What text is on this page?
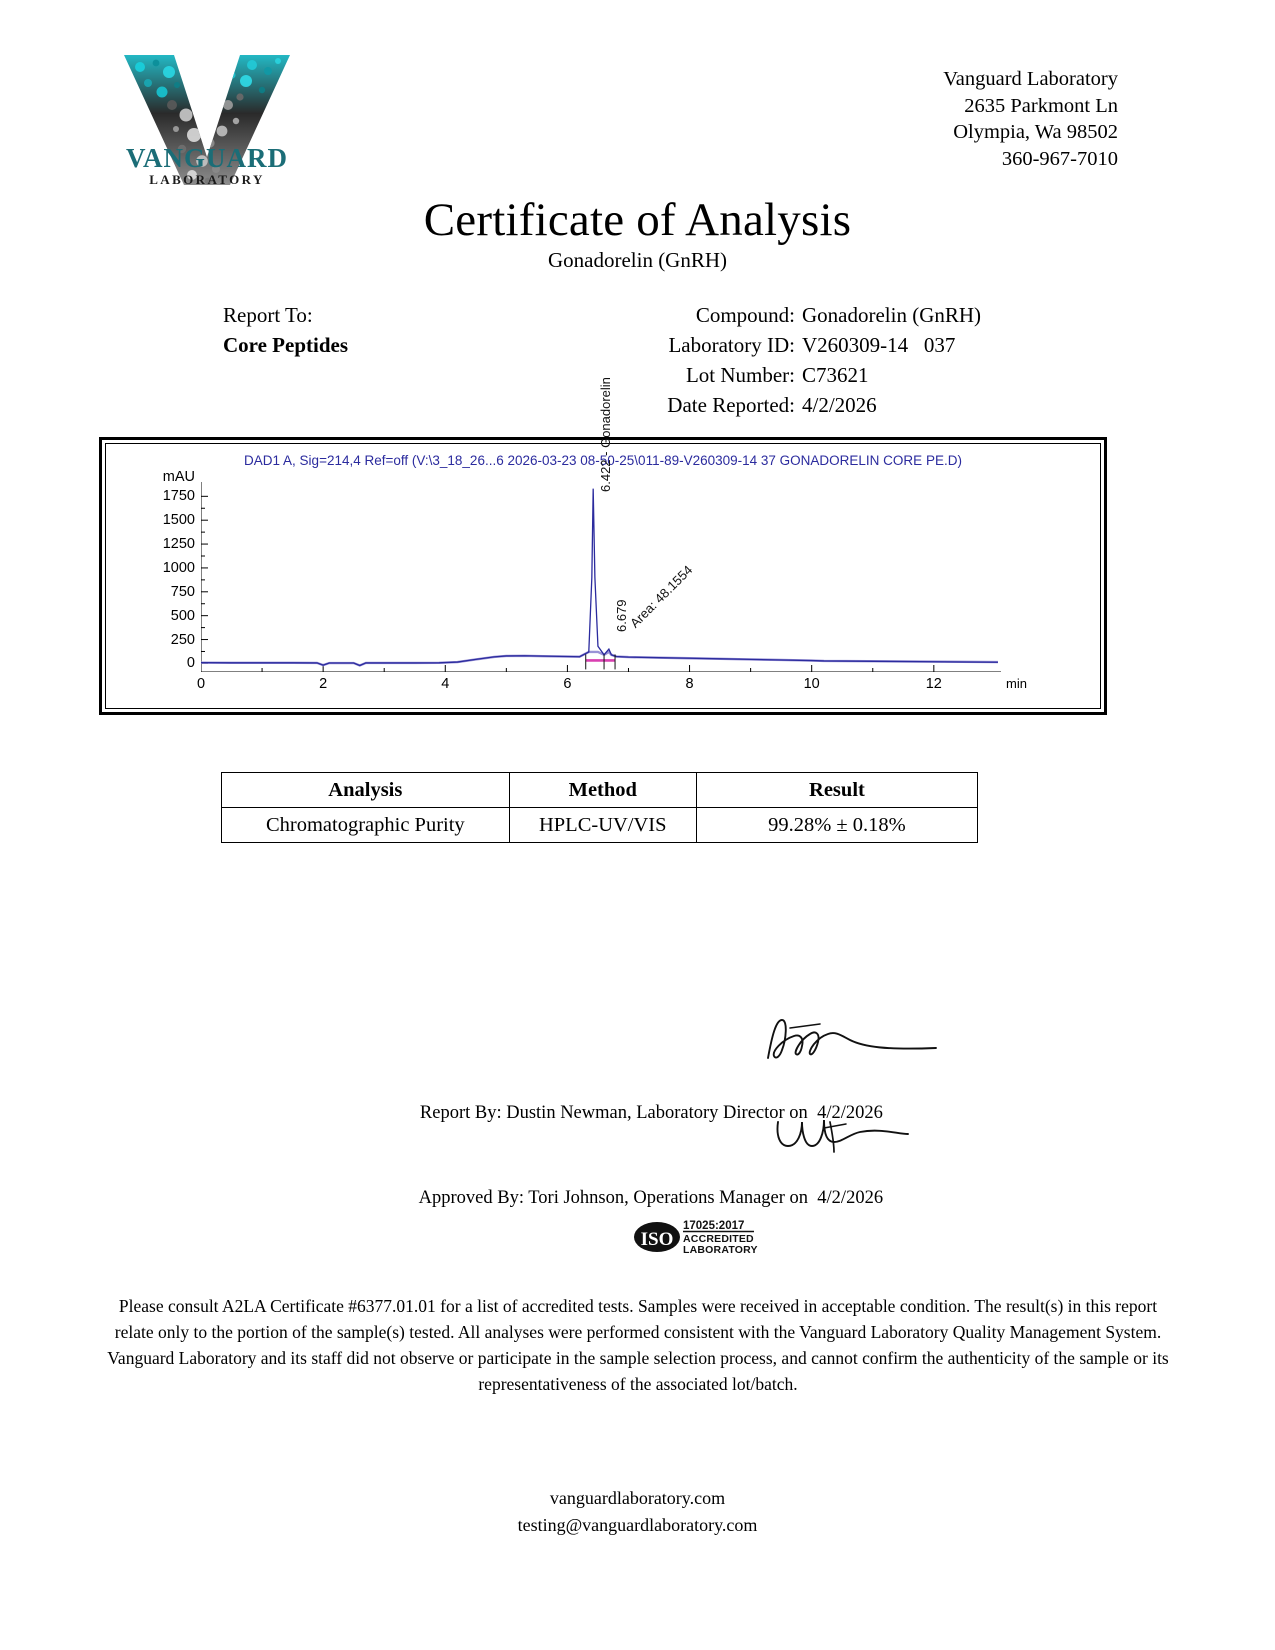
VANGUARD
LABORATORY
Vanguard Laboratory
2635 Parkmont Ln
Olympia, Wa 98502
360-967-7010
Certificate of Analysis
Gonadorelin (GnRH)
Report To:
Core Peptides
Compound: Gonadorelin (GnRH)
Laboratory ID: V260309-14   037
Lot Number: C73621
Date Reported: 4/2/2026
DAD1 A, Sig=214,4 Ref=off (V:\3_18_26...6 2026-03-23 08-50-25\011-89-V260309-14 37 GONADORELIN CORE PE.D)
min
0
250
500
750
1000
1250
1500
1750
mAU
0	2	4	6	8	10	12
6.422 - Gonadorelin
6.679
Area: 48.1554
Analysis	Method	Result
Chromatographic Purity	HPLC-UV/VIS	99.28% ± 0.18%

Report By: Dustin Newman, Laboratory Director on 4/2/2026

Approved By: Tori Johnson, Operations Manager on 4/2/2026

ISO
17025:2017
ACCREDITED
LABORATORY
Please consult A2LA Certificate #6377.01.01 for a list of accredited tests. Samples were received in acceptable condition. The result(s) in this report relate only to the portion of the sample(s) tested. All analyses were performed consistent with the Vanguard Laboratory Quality Management System. Vanguard Laboratory and its staff did not observe or participate in the sample selection process, and cannot confirm the authenticity of the sample or its representativeness of the associated lot/batch.
vanguardlaboratory.com
testing@vanguardlaboratory.com
